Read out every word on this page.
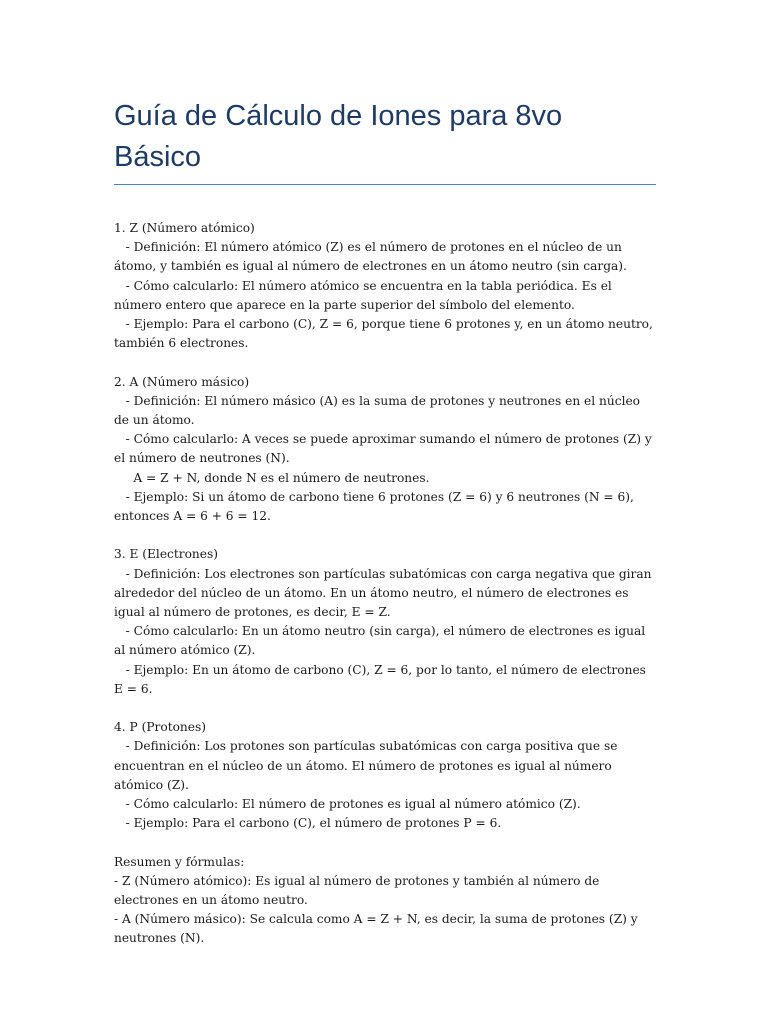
Guía de Cálculo de Iones para 8vo Básico
1. Z (Número atómico)
- Definición: El número atómico (Z) es el número de protones en el núcleo de un átomo, y también es igual al número de electrones en un átomo neutro (sin carga).
- Cómo calcularlo: El número atómico se encuentra en la tabla periódica. Es el número entero que aparece en la parte superior del símbolo del elemento.
- Ejemplo: Para el carbono (C), Z = 6, porque tiene 6 protones y, en un átomo neutro, también 6 electrones.
2. A (Número másico)
- Definición: El número másico (A) es la suma de protones y neutrones en el núcleo de un átomo.
- Cómo calcularlo: A veces se puede aproximar sumando el número de protones (Z) y el número de neutrones (N).
A = Z + N, donde N es el número de neutrones.
- Ejemplo: Si un átomo de carbono tiene 6 protones (Z = 6) y 6 neutrones (N = 6), entonces A = 6 + 6 = 12.
3. E (Electrones)
- Definición: Los electrones son partículas subatómicas con carga negativa que giran alrededor del núcleo de un átomo. En un átomo neutro, el número de electrones es igual al número de protones, es decir, E = Z.
- Cómo calcularlo: En un átomo neutro (sin carga), el número de electrones es igual al número atómico (Z).
- Ejemplo: En un átomo de carbono (C), Z = 6, por lo tanto, el número de electrones E = 6.
4. P (Protones)
- Definición: Los protones son partículas subatómicas con carga positiva que se encuentran en el núcleo de un átomo. El número de protones es igual al número atómico (Z).
- Cómo calcularlo: El número de protones es igual al número atómico (Z).
- Ejemplo: Para el carbono (C), el número de protones P = 6.
Resumen y fórmulas:
- Z (Número atómico): Es igual al número de protones y también al número de electrones en un átomo neutro.
- A (Número másico): Se calcula como A = Z + N, es decir, la suma de protones (Z) y neutrones (N).
